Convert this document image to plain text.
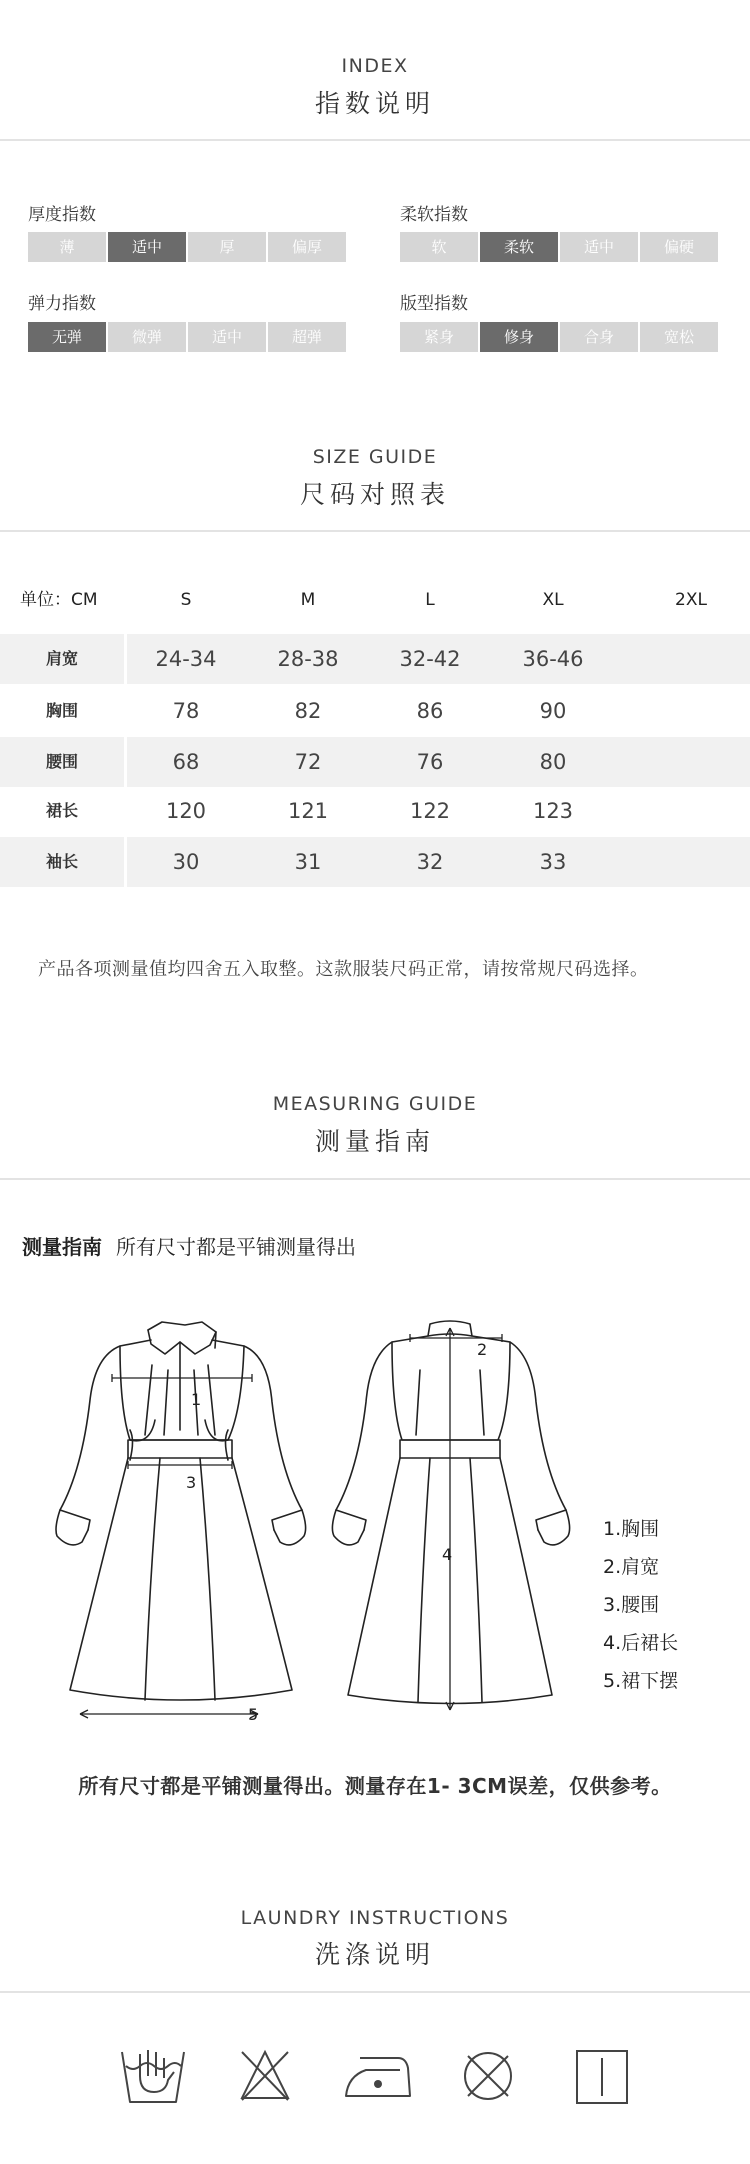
INDEX
指数说明
厚度指数
薄	适中	厚	偏厚
柔软指数
软	柔软	适中	偏硬
弹力指数
无弹	微弹	适中	超弹
版型指数
紧身	修身	合身	宽松
SIZE GUIDE
尺码对照表
单位：CM	S	M	L	XL	2XL
肩宽	24-34	28-38	32-42	36-46
胸围	78	82	86	90
腰围	68	72	76	80
裙长	120	121	122	123
袖长	30	31	32	33
产品各项测量值均四舍五入取整。这款服装尺码正常，请按常规尺码选择。
MEASURING GUIDE
测量指南
测量指南 所有尺寸都是平铺测量得出
1
2
3
4
5
1.胸围
2.肩宽
3.腰围
4.后裙长
5.裙下摆
所有尺寸都是平铺测量得出。测量存在1- 3CM误差，仅供参考。
LAUNDRY INSTRUCTIONS
洗涤说明
